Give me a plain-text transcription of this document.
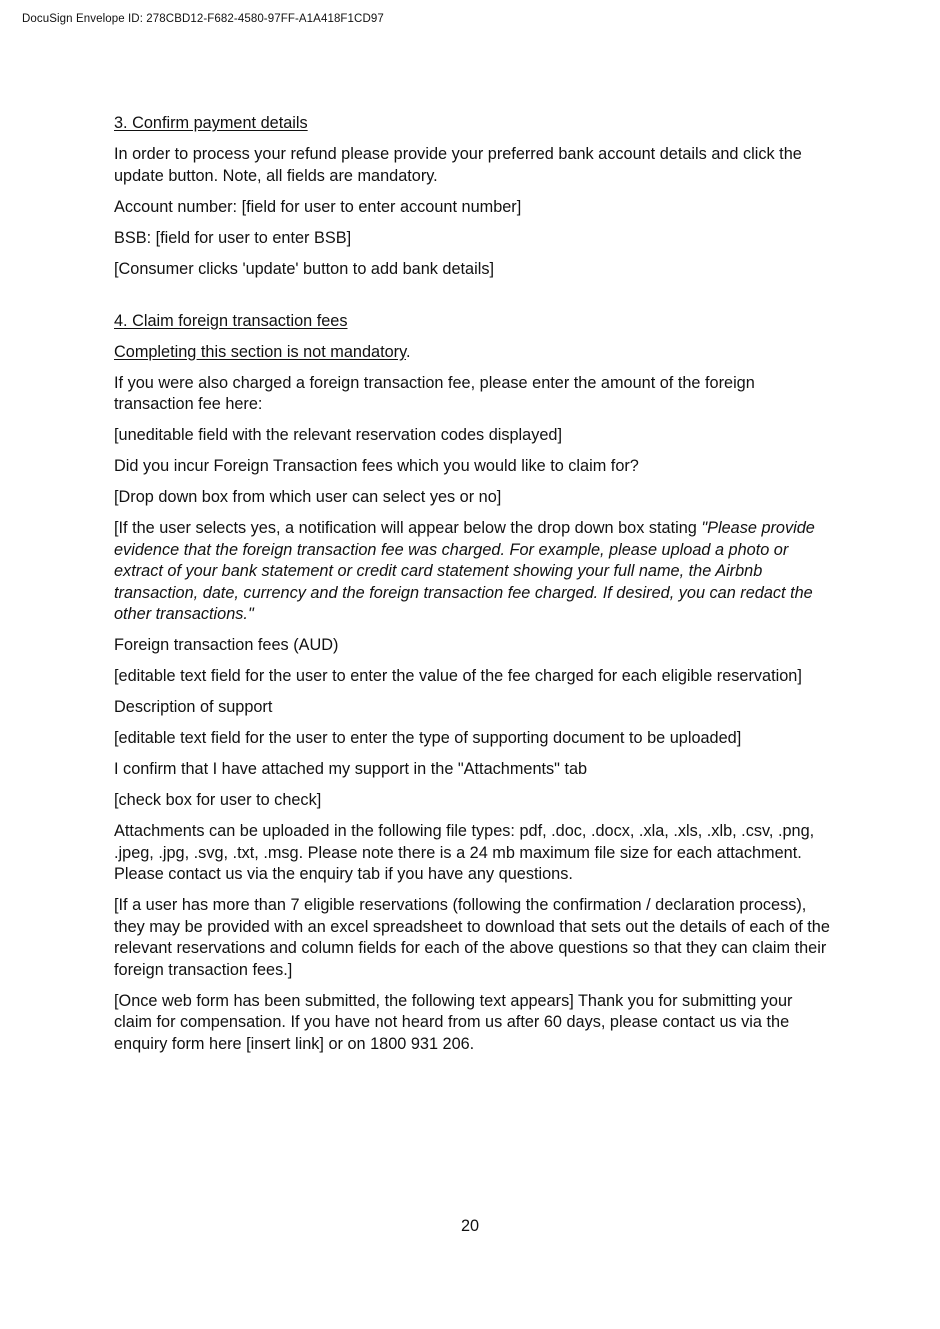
DocuSign Envelope ID: 278CBD12-F682-4580-97FF-A1A418F1CD97

3. Confirm payment details

In order to process your refund please provide your preferred bank account details and click the update button. Note, all fields are mandatory.

Account number: [field for user to enter account number]

BSB: [field for user to enter BSB]

[Consumer clicks 'update' button to add bank details]

4. Claim foreign transaction fees

Completing this section is not mandatory.

If you were also charged a foreign transaction fee, please enter the amount of the foreign transaction fee here:

[uneditable field with the relevant reservation codes displayed]

Did you incur Foreign Transaction fees which you would like to claim for?

[Drop down box from which user can select yes or no]

[If the user selects yes, a notification will appear below the drop down box stating "Please provide evidence that the foreign transaction fee was charged. For example, please upload a photo or extract of your bank statement or credit card statement showing your full name, the Airbnb transaction, date, currency and the foreign transaction fee charged. If desired, you can redact the other transactions."

Foreign transaction fees (AUD)

[editable text field for the user to enter the value of the fee charged for each eligible reservation]

Description of support

[editable text field for the user to enter the type of supporting document to be uploaded]

I confirm that I have attached my support in the "Attachments" tab

[check box for user to check]

Attachments can be uploaded in the following file types: pdf, .doc, .docx, .xla, .xls, .xlb, .csv, .png, .jpeg, .jpg, .svg, .txt, .msg. Please note there is a 24 mb maximum file size for each attachment. Please contact us via the enquiry tab if you have any questions.

[If a user has more than 7 eligible reservations (following the confirmation / declaration process), they may be provided with an excel spreadsheet to download that sets out the details of each of the relevant reservations and column fields for each of the above questions so that they can claim their foreign transaction fees.]

[Once web form has been submitted, the following text appears] Thank you for submitting your claim for compensation. If you have not heard from us after 60 days, please contact us via the enquiry form here [insert link] or on 1800 931 206.

20
